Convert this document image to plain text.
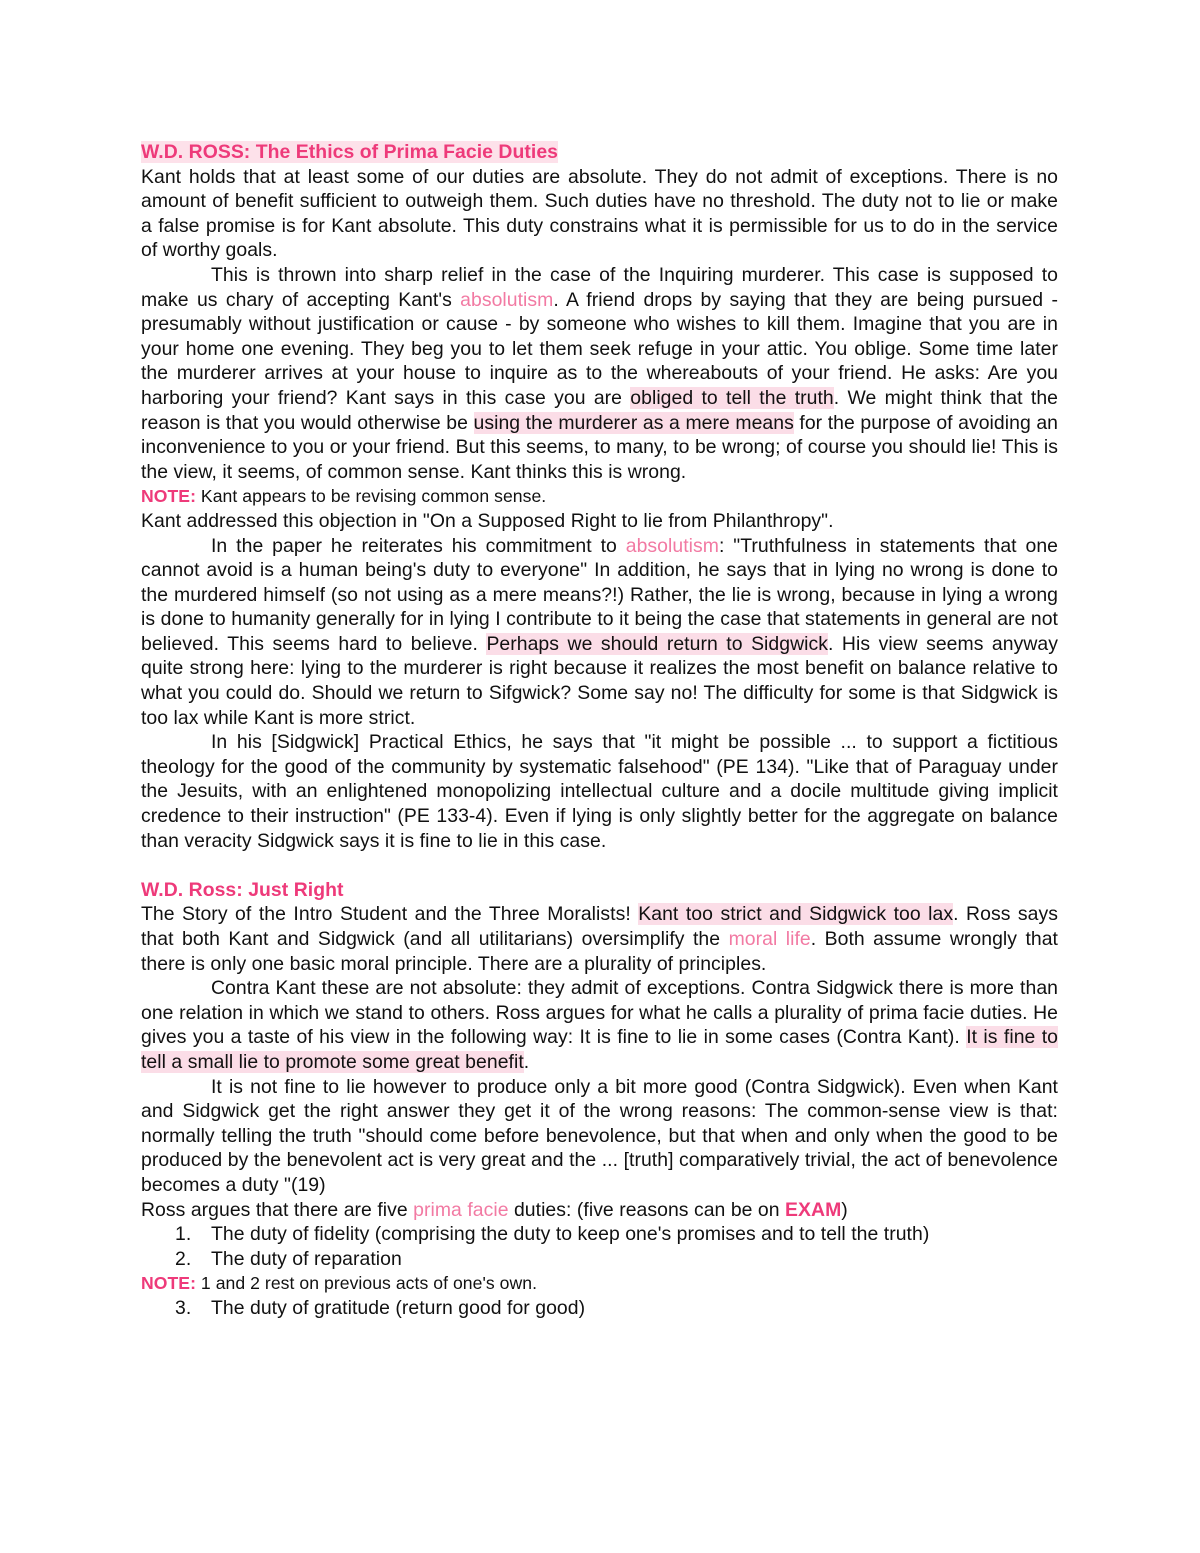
W.D. ROSS: The Ethics of Prima Facie Duties

Kant holds that at least some of our duties are absolute. They do not admit of exceptions. There is no amount of benefit sufficient to outweigh them. Such duties have no threshold. The duty not to lie or make a false promise is for Kant absolute. This duty constrains what it is permissible for us to do in the service of worthy goals.

This is thrown into sharp relief in the case of the Inquiring murderer. This case is supposed to make us chary of accepting Kant's absolutism. A friend drops by saying that they are being pursued - presumably without justification or cause - by someone who wishes to kill them. Imagine that you are in your home one evening. They beg you to let them seek refuge in your attic. You oblige. Some time later the murderer arrives at your house to inquire as to the whereabouts of your friend. He asks: Are you harboring your friend? Kant says in this case you are obliged to tell the truth. We might think that the reason is that you would otherwise be using the murderer as a mere means for the purpose of avoiding an inconvenience to you or your friend. But this seems, to many, to be wrong; of course you should lie! This is the view, it seems, of common sense. Kant thinks this is wrong.

NOTE: Kant appears to be revising common sense.

Kant addressed this objection in "On a Supposed Right to lie from Philanthropy".

In the paper he reiterates his commitment to absolutism: "Truthfulness in statements that one cannot avoid is a human being's duty to everyone" In addition, he says that in lying no wrong is done to the murdered himself (so not using as a mere means?!) Rather, the lie is wrong, because in lying a wrong is done to humanity generally for in lying I contribute to it being the case that statements in general are not believed. This seems hard to believe. Perhaps we should return to Sidgwick. His view seems anyway quite strong here: lying to the murderer is right because it realizes the most benefit on balance relative to what you could do. Should we return to Sifgwick? Some say no! The difficulty for some is that Sidgwick is too lax while Kant is more strict.

In his [Sidgwick] Practical Ethics, he says that "it might be possible ... to support a fictitious theology for the good of the community by systematic falsehood" (PE 134). "Like that of Paraguay under the Jesuits, with an enlightened monopolizing intellectual culture and a docile multitude giving implicit credence to their instruction" (PE 133-4). Even if lying is only slightly better for the aggregate on balance than veracity Sidgwick says it is fine to lie in this case.

W.D. Ross: Just Right

The Story of the Intro Student and the Three Moralists! Kant too strict and Sidgwick too lax. Ross says that both Kant and Sidgwick (and all utilitarians) oversimplify the moral life. Both assume wrongly that there is only one basic moral principle. There are a plurality of principles.

Contra Kant these are not absolute: they admit of exceptions. Contra Sidgwick there is more than one relation in which we stand to others. Ross argues for what he calls a plurality of prima facie duties. He gives you a taste of his view in the following way: It is fine to lie in some cases (Contra Kant). It is fine to tell a small lie to promote some great benefit.

It is not fine to lie however to produce only a bit more good (Contra Sidgwick). Even when Kant and Sidgwick get the right answer they get it of the wrong reasons: The common-sense view is that: normally telling the truth "should come before benevolence, but that when and only when the good to be produced by the benevolent act is very great and the ... [truth] comparatively trivial, the act of benevolence becomes a duty "(19)

Ross argues that there are five prima facie duties: (five reasons can be on EXAM)

1. The duty of fidelity (comprising the duty to keep one's promises and to tell the truth)
2. The duty of reparation

NOTE: 1 and 2 rest on previous acts of one's own.

3. The duty of gratitude (return good for good)
